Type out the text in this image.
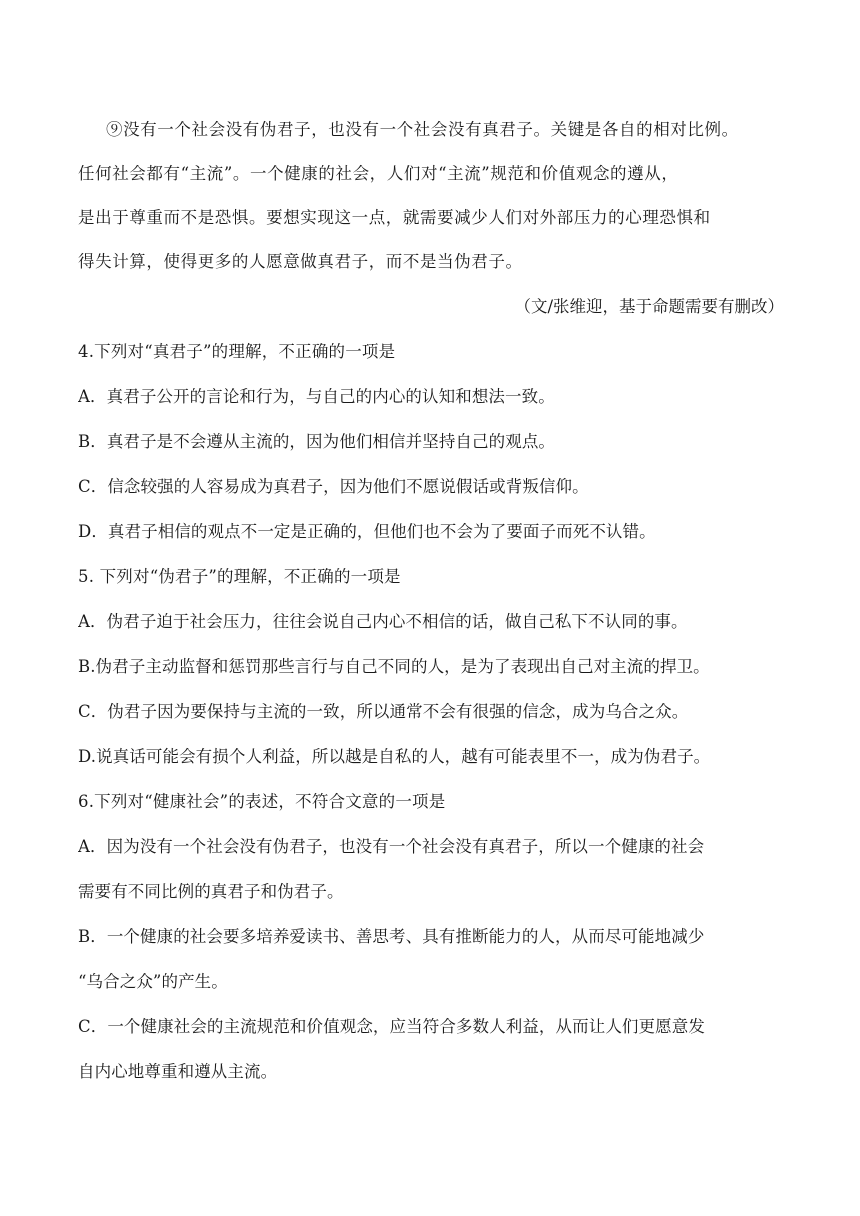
⑨没有一个社会没有伪君子，也没有一个社会没有真君子。关键是各自的相对比例。
任何社会都有“主流”。一个健康的社会，人们对“主流”规范和价值观念的遵从，
是出于尊重而不是恐惧。要想实现这一点，就需要减少人们对外部压力的心理恐惧和
得失计算，使得更多的人愿意做真君子，而不是当伪君子。
（文/张维迎，基于命题需要有删改）
4.下列对“真君子”的理解，不正确的一项是
A．真君子公开的言论和行为，与自己的内心的认知和想法一致。
B．真君子是不会遵从主流的，因为他们相信并坚持自己的观点。
C．信念较强的人容易成为真君子，因为他们不愿说假话或背叛信仰。
D．真君子相信的观点不一定是正确的，但他们也不会为了要面子而死不认错。
5. 下列对“伪君子”的理解，不正确的一项是
A．伪君子迫于社会压力，往往会说自己内心不相信的话，做自己私下不认同的事。
B.伪君子主动监督和惩罚那些言行与自己不同的人，是为了表现出自己对主流的捍卫。
C．伪君子因为要保持与主流的一致，所以通常不会有很强的信念，成为乌合之众。
D.说真话可能会有损个人利益，所以越是自私的人，越有可能表里不一，成为伪君子。
6.下列对“健康社会”的表述，不符合文意的一项是
A．因为没有一个社会没有伪君子，也没有一个社会没有真君子，所以一个健康的社会
需要有不同比例的真君子和伪君子。
B．一个健康的社会要多培养爱读书、善思考、具有推断能力的人，从而尽可能地减少
“乌合之众”的产生。
C．一个健康社会的主流规范和价值观念，应当符合多数人利益，从而让人们更愿意发
自内心地尊重和遵从主流。
